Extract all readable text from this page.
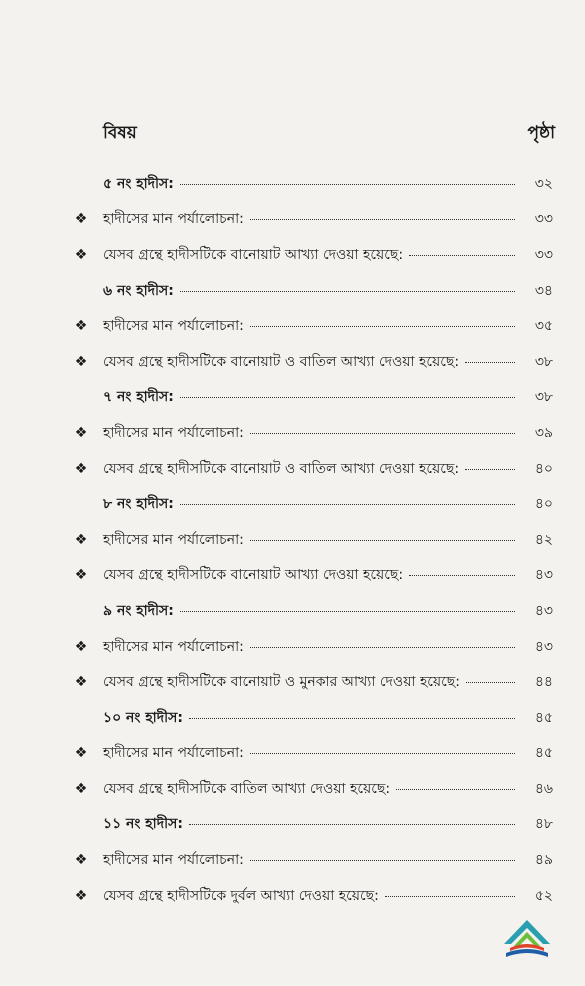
বিষয়	পৃষ্ঠা
৫ নং হাদীস:	৩২
❖ হাদীসের মান পর্যালোচনা:	৩৩
❖ যেসব গ্রন্থে হাদীসটিকে বানোয়াট আখ্যা দেওয়া হয়েছে:	৩৩
৬ নং হাদীস:	৩৪
❖ হাদীসের মান পর্যালোচনা:	৩৫
❖ যেসব গ্রন্থে হাদীসটিকে বানোয়াট ও বাতিল আখ্যা দেওয়া হয়েছে:	৩৮
৭ নং হাদীস:	৩৮
❖ হাদীসের মান পর্যালোচনা:	৩৯
❖ যেসব গ্রন্থে হাদীসটিকে বানোয়াট ও বাতিল আখ্যা দেওয়া হয়েছে:	৪০
৮ নং হাদীস:	৪০
❖ হাদীসের মান পর্যালোচনা:	৪২
❖ যেসব গ্রন্থে হাদীসটিকে বানোয়াট আখ্যা দেওয়া হয়েছে:	৪৩
৯ নং হাদীস:	৪৩
❖ হাদীসের মান পর্যালোচনা:	৪৩
❖ যেসব গ্রন্থে হাদীসটিকে বানোয়াট ও মুনকার আখ্যা দেওয়া হয়েছে:	৪৪
১০ নং হাদীস:	৪৫
❖ হাদীসের মান পর্যালোচনা:	৪৫
❖ যেসব গ্রন্থে হাদীসটিকে বাতিল আখ্যা দেওয়া হয়েছে:	৪৬
১১ নং হাদীস:	৪৮
❖ হাদীসের মান পর্যালোচনা:	৪৯
❖ যেসব গ্রন্থে হাদীসটিকে দুর্বল আখ্যা দেওয়া হয়েছে:	৫২
